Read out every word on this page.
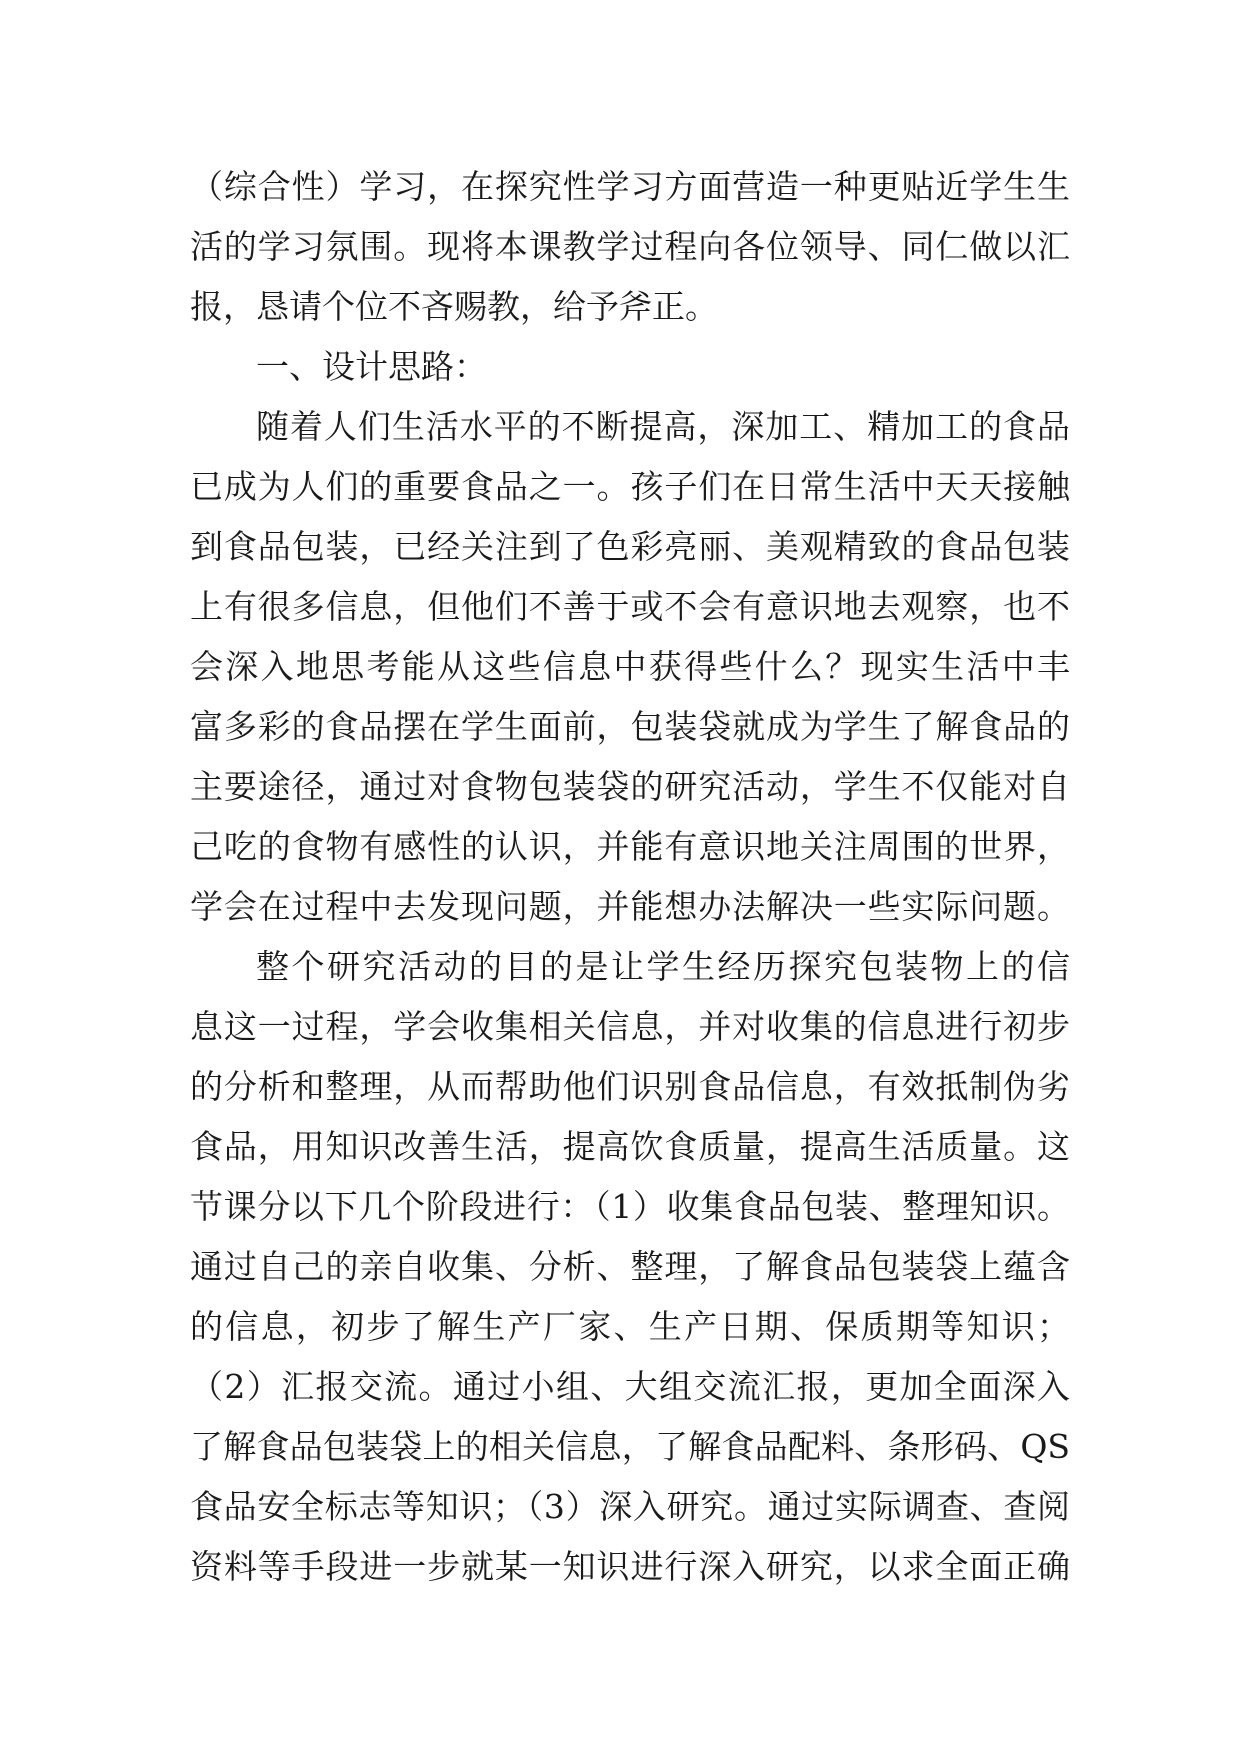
（综合性）学习，在探究性学习方面营造一种更贴近学生生
活的学习氛围。现将本课教学过程向各位领导、同仁做以汇
报，恳请个位不吝赐教，给予斧正。
一、设计思路：
随着人们生活水平的不断提高，深加工、精加工的食品
已成为人们的重要食品之一。孩子们在日常生活中天天接触
到食品包装，已经关注到了色彩亮丽、美观精致的食品包装
上有很多信息，但他们不善于或不会有意识地去观察，也不
会深入地思考能从这些信息中获得些什么？现实生活中丰
富多彩的食品摆在学生面前，包装袋就成为学生了解食品的
主要途径，通过对食物包装袋的研究活动，学生不仅能对自
己吃的食物有感性的认识，并能有意识地关注周围的世界，
学会在过程中去发现问题，并能想办法解决一些实际问题。
整个研究活动的目的是让学生经历探究包装物上的信
息这一过程，学会收集相关信息，并对收集的信息进行初步
的分析和整理，从而帮助他们识别食品信息，有效抵制伪劣
食品，用知识改善生活，提高饮食质量，提高生活质量。这
节课分以下几个阶段进行：（1）收集食品包装、整理知识。
通过自己的亲自收集、分析、整理，了解食品包装袋上蕴含
的信息，初步了解生产厂家、生产日期、保质期等知识；
（2）汇报交流。通过小组、大组交流汇报，更加全面深入
了解食品包装袋上的相关信息，了解食品配料、条形码、QS
食品安全标志等知识；（3）深入研究。通过实际调查、查阅
资料等手段进一步就某一知识进行深入研究，以求全面正确
